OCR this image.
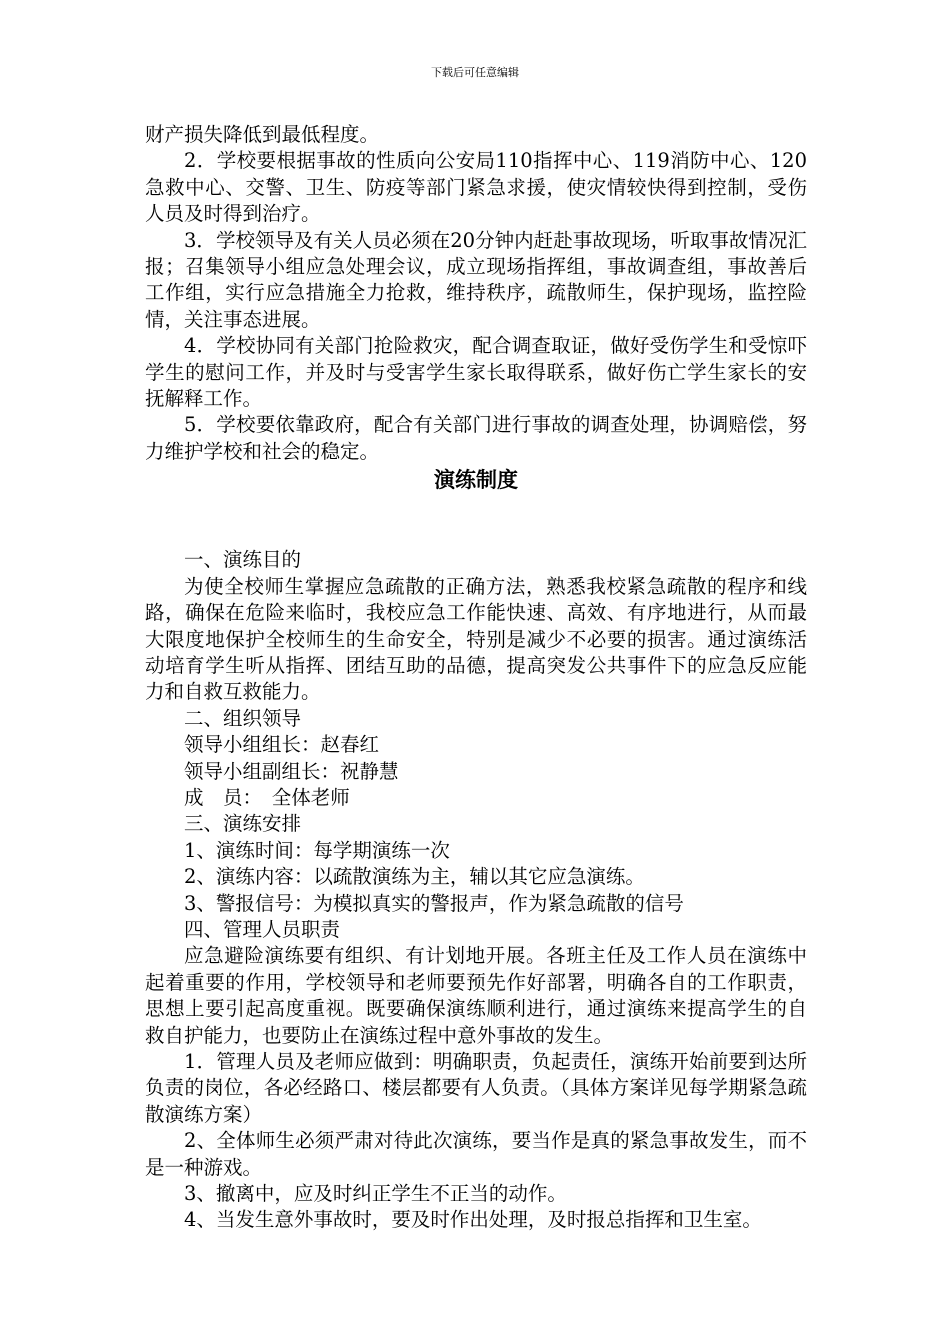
下载后可任意编辑

财产损失降低到最低程度。

2．学校要根据事故的性质向公安局110指挥中心、119消防中心、120急救中心、交警、卫生、防疫等部门紧急求援，使灾情较快得到控制，受伤人员及时得到治疗。

3．学校领导及有关人员必须在20分钟内赶赴事故现场，听取事故情况汇报；召集领导小组应急处理会议，成立现场指挥组，事故调查组，事故善后工作组，实行应急措施全力抢救，维持秩序，疏散师生，保护现场，监控险情，关注事态进展。

4．学校协同有关部门抢险救灾，配合调查取证，做好受伤学生和受惊吓学生的慰问工作，并及时与受害学生家长取得联系，做好伤亡学生家长的安抚解释工作。

5．学校要依靠政府，配合有关部门进行事故的调查处理，协调赔偿，努力维护学校和社会的稳定。

演练制度

一、演练目的

为使全校师生掌握应急疏散的正确方法，熟悉我校紧急疏散的程序和线路，确保在危险来临时，我校应急工作能快速、高效、有序地进行，从而最大限度地保护全校师生的生命安全，特别是减少不必要的损害。通过演练活动培育学生听从指挥、团结互助的品德，提高突发公共事件下的应急反应能力和自救互救能力。

二、组织领导

领导小组组长：赵春红

领导小组副组长：祝静慧

成　员：　全体老师

三、演练安排

1、演练时间：每学期演练一次

2、演练内容：以疏散演练为主，辅以其它应急演练。

3、警报信号：为模拟真实的警报声，作为紧急疏散的信号

四、管理人员职责

应急避险演练要有组织、有计划地开展。各班主任及工作人员在演练中起着重要的作用，学校领导和老师要预先作好部署，明确各自的工作职责，思想上要引起高度重视。既要确保演练顺利进行，通过演练来提高学生的自救自护能力，也要防止在演练过程中意外事故的发生。

1．管理人员及老师应做到：明确职责，负起责任，演练开始前要到达所负责的岗位，各必经路口、楼层都要有人负责。（具体方案详见每学期紧急疏散演练方案）

2、全体师生必须严肃对待此次演练，要当作是真的紧急事故发生，而不是一种游戏。

3、撤离中，应及时纠正学生不正当的动作。

4、当发生意外事故时，要及时作出处理，及时报总指挥和卫生室。
